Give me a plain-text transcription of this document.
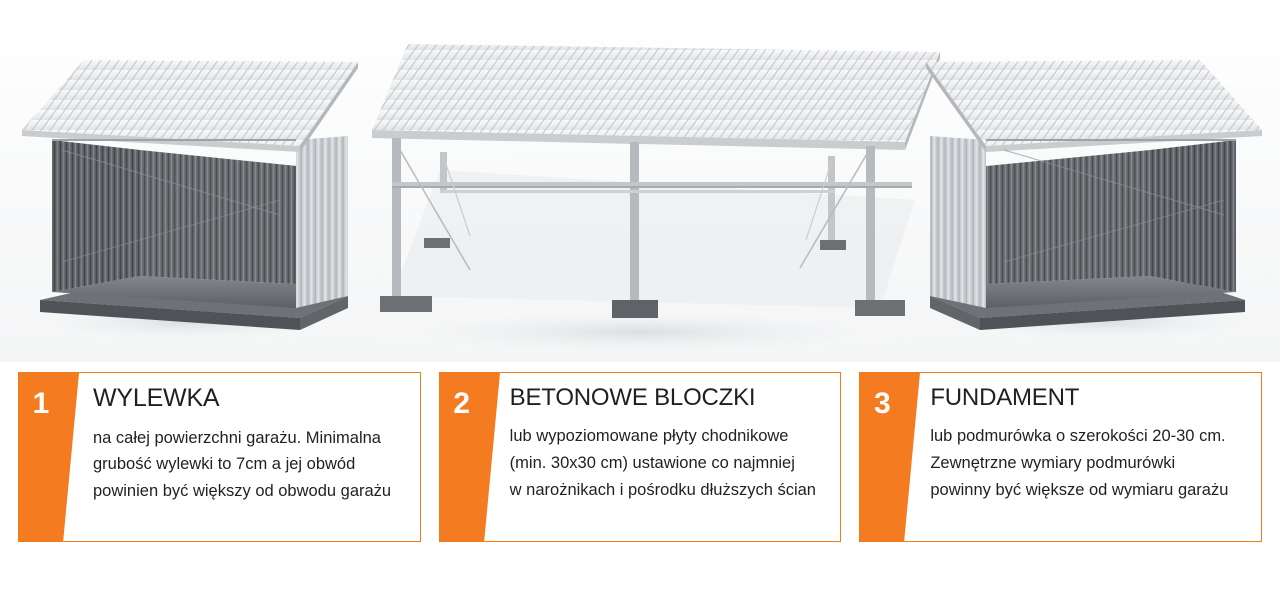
1	WYLEWKA
na całej powierzchni garażu. Minimalna
grubość wylewki to 7cm a jej obwód
powinien być większy od obwodu garażu
2	BETONOWE BLOCZKI
lub wypoziomowane płyty chodnikowe
(min. 30x30 cm) ustawione co najmniej
w narożnikach i pośrodku dłuższych ścian
3	FUNDAMENT
lub podmurówka o szerokości 20-30 cm.
Zewnętrzne wymiary podmurówki
powinny być większe od wymiaru garażu
